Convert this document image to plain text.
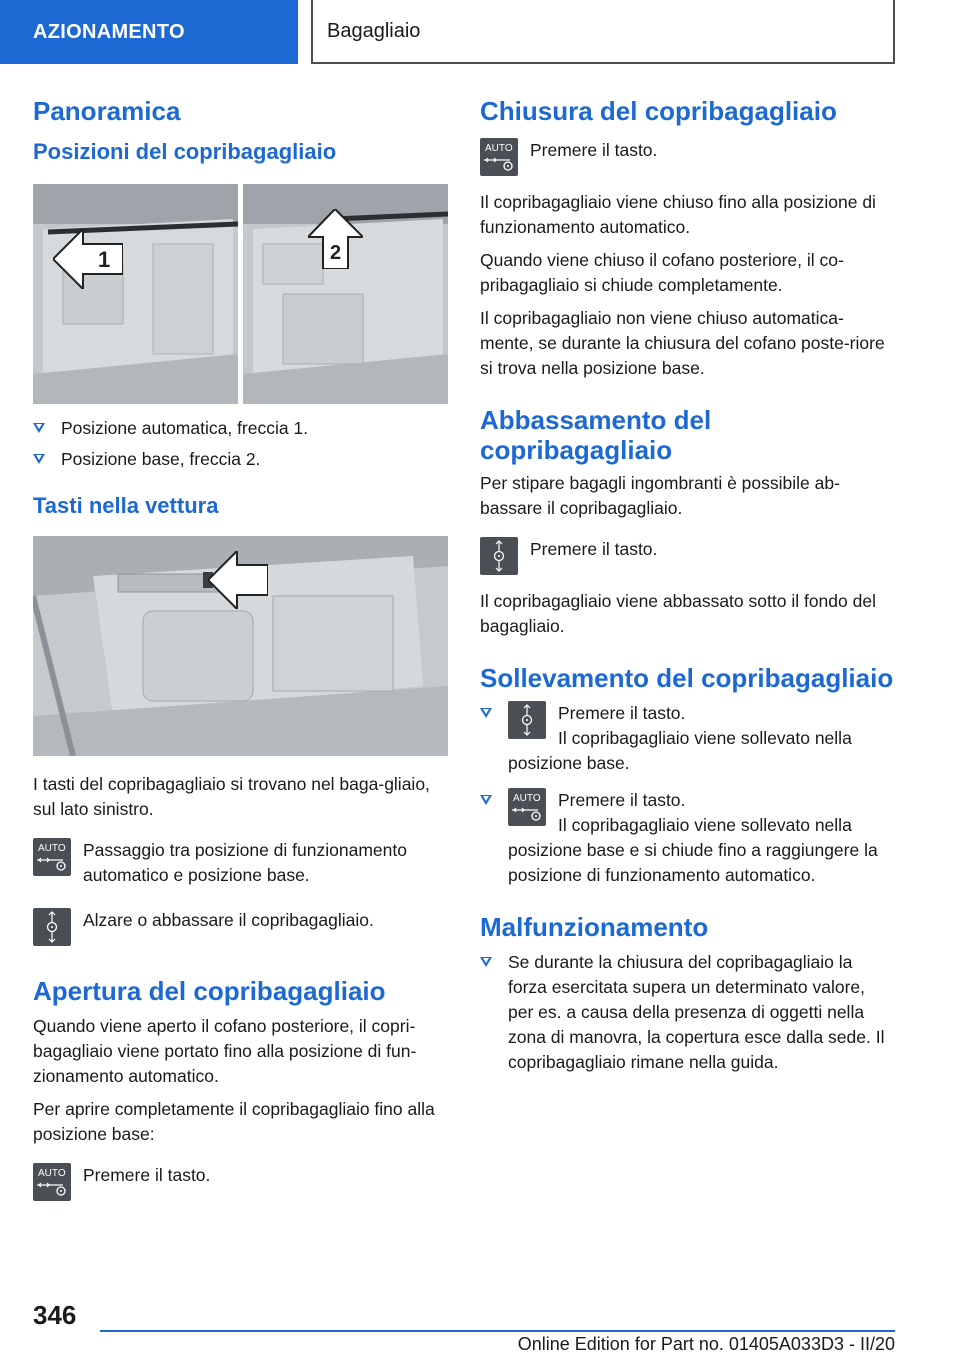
AZIONAMENTO	Bagagliaio
Panoramica
Posizioni del copribagagliaio
1	2
Posizione automatica, freccia 1.
Posizione base, freccia 2.
Tasti nella vettura

I tasti del copribagagliaio si trovano nel baga-gliaio, sul lato sinistro.

AUTO Passaggio tra posizione di funzionamento automatico e posizione base.

Alzare o abbassare il copribagagliaio.

Apertura del copribagagliaio

Quando viene aperto il cofano posteriore, il copri-bagagliaio viene portato fino alla posizione di fun-zionamento automatico.

Per aprire completamente il copribagagliaio fino alla posizione base:

AUTO Premere il tasto.

Chiusura del copribagagliaio
AUTO Premere il tasto.

Il copribagagliaio viene chiuso fino alla posizione di funzionamento automatico.

Quando viene chiuso il cofano posteriore, il co-pribagagliaio si chiude completamente.

Il copribagagliaio non viene chiuso automatica-mente, se durante la chiusura del cofano poste-riore si trova nella posizione base.

Abbassamento del copribagagliaio

Per stipare bagagli ingombranti è possibile ab-bassare il copribagagliaio.

Premere il tasto.

Il copribagagliaio viene abbassato sotto il fondo del bagagliaio.

Sollevamento del copribagagliaio
Premere il tasto.
Il copribagagliaio viene sollevato nella
posizione base.
AUTO Premere il tasto.
Il copribagagliaio viene sollevato nella
posizione base e si chiude fino a raggiungere la posizione di funzionamento automatico.
Malfunzionamento
Se durante la chiusura del copribagagliaio la forza esercitata supera un determinato valore, per es. a causa della presenza di oggetti nella zona di manovra, la copertura esce dalla sede. Il copribagagliaio rimane nella guida.
346
Online Edition for Part no. 01405A033D3 - II/20
